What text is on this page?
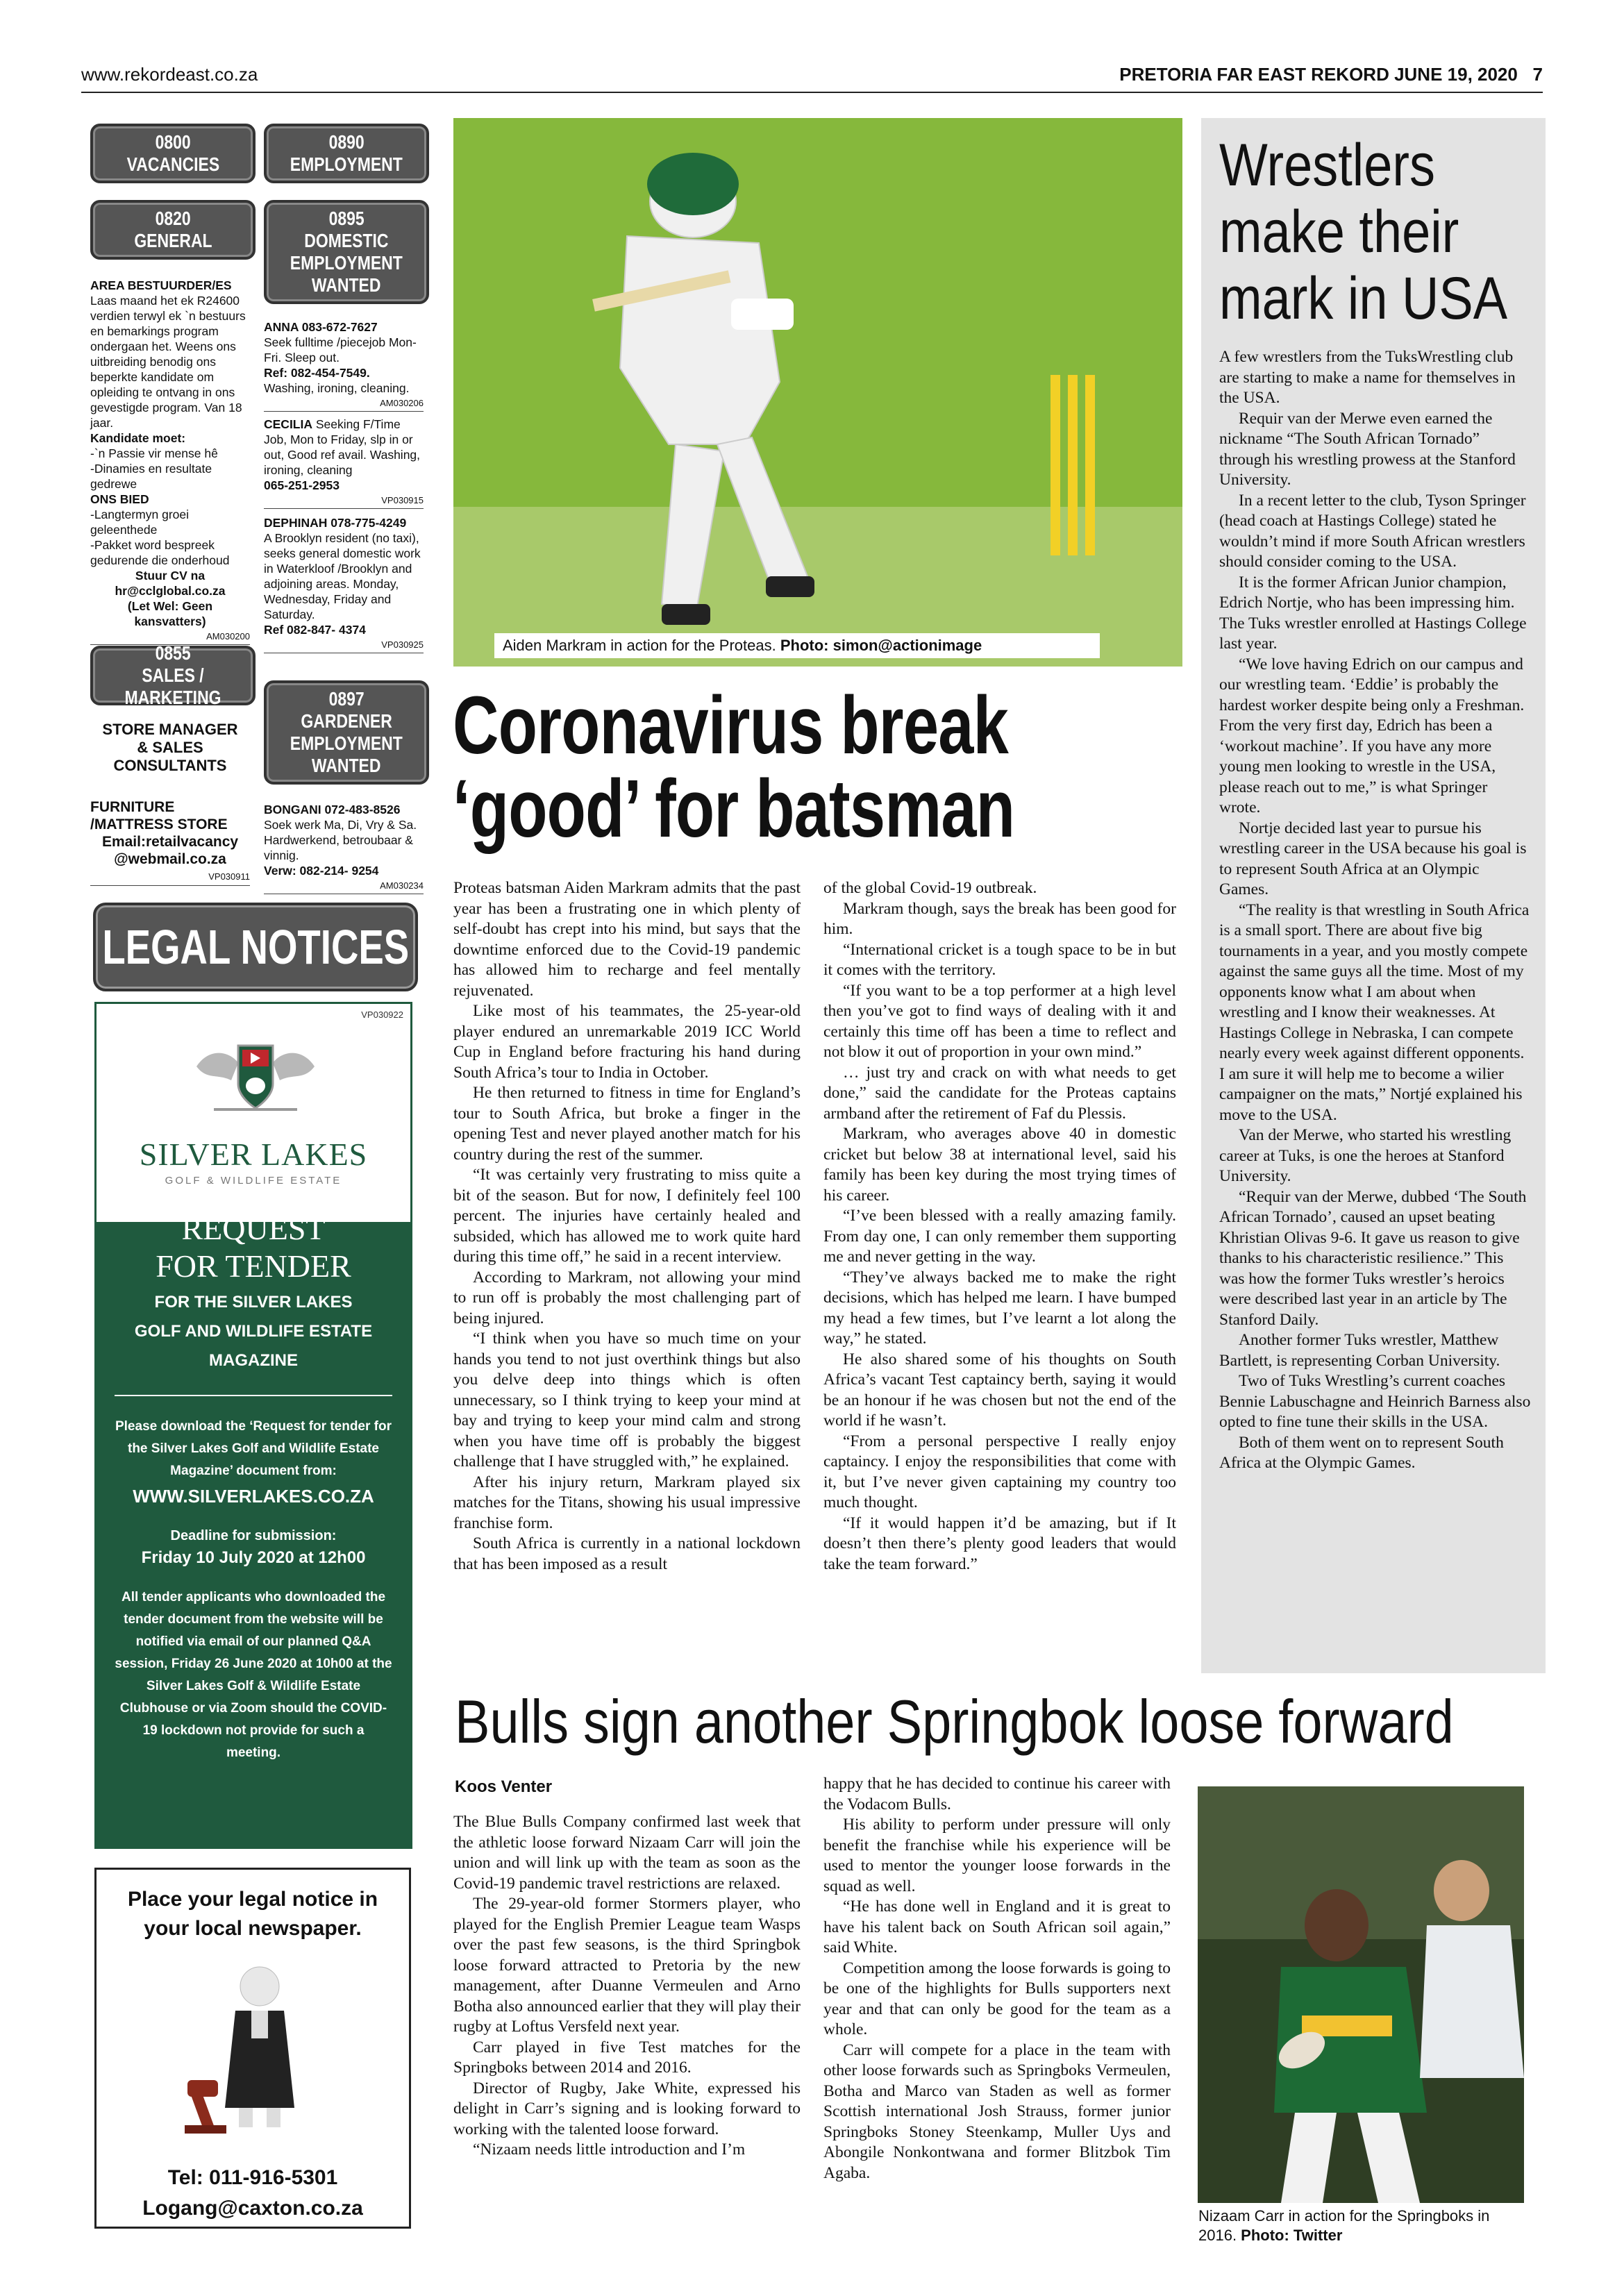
www.rekordeast.co.za	PRETORIA FAR EAST REKORD JUNE 19, 2020 7
0800
VACANCIES
0890
EMPLOYMENT
0820
GENERAL
0895
DOMESTIC
EMPLOYMENT
WANTED
AREA BESTUURDER/ES
Laas maand het ek R24600 verdien terwyl ek `n bestuurs en bemarkings program ondergaan het. Weens ons uitbreiding benodig ons beperkte kandidate om opleiding te ontvang in ons gevestigde program. Van 18 jaar.
Kandidate moet:
-`n Passie vir mense hê
-Dinamies en resultate gedrewe
ONS BIED
-Langtermyn groei geleenthede
-Pakket word bespreek gedurende die onderhoud
Stuur CV na
hr@cclglobal.co.za
(Let Wel: Geen kansvatters)
AM030200
0855
SALES / MARKETING
STORE MANAGER
& SALES
CONSULTANTS
FURNITURE
/MATTRESS STORE
Email:retailvacancy
@webmail.co.za
VP030911
ANNA 083-672-7627
Seek fulltime /piecejob Mon-Fri. Sleep out.
Ref: 082-454-7549.
Washing, ironing, cleaning.
AM030206
CECILIA Seeking F/Time Job, Mon to Friday, slp in or out, Good ref avail. Washing, ironing, cleaning
065-251-2953
VP030915
DEPHINAH 078-775-4249
A Brooklyn resident (no taxi), seeks general domestic work in Waterkloof /Brooklyn and adjoining areas. Monday, Wednesday, Friday and Saturday.
Ref 082-847- 4374
VP030925
0897
GARDENER
EMPLOYMENT
WANTED
BONGANI 072-483-8526
Soek werk Ma, Di, Vry & Sa. Hardwerkend, betroubaar & vinnig.
Verw: 082-214- 9254
AM030234
LEGAL NOTICES
VP030922
SILVER LAKES
GOLF & WILDLIFE ESTATE
REQUEST
FOR TENDER

FOR THE SILVER LAKES

GOLF AND WILDLIFE ESTATE

MAGAZINE

Please download the ‘Request for tender for the Silver Lakes Golf and Wildlife Estate Magazine’ document from:

WWW.SILVERLAKES.CO.ZA

Deadline for submission:

Friday 10 July 2020 at 12h00

All tender applicants who downloaded the tender document from the website will be notified via email of our planned Q&A session, Friday 26 June 2020 at 10h00 at the Silver Lakes Golf & Wildlife Estate Clubhouse or via Zoom should the COVID-19 lockdown not provide for such a meeting.

Place your legal notice in
your local newspaper.
Tel: 011-916-5301
Logang@caxton.co.za
Aiden Markram in action for the Proteas. Photo: simon@actionimage
Coronavirus break
‘good’ for batsman

Proteas batsman Aiden Markram admits that the past year has been a frustrating one in which plenty of self-doubt has crept into his mind, but says that the downtime enforced due to the Covid-19 pandemic has allowed him to recharge and feel mentally rejuvenated.

Like most of his teammates, the 25-year-old player endured an unremarkable 2019 ICC World Cup in England before fracturing his hand during South Africa’s tour to India in October.

He then returned to fitness in time for England’s tour to South Africa, but broke a finger in the opening Test and never played another match for his country during the rest of the summer.

“It was certainly very frustrating to miss quite a bit of the season. But for now, I definitely feel 100 percent. The injuries have certainly healed and subsided, which has allowed me to work quite hard during this time off,” he said in a recent interview.

According to Markram, not allowing your mind to run off is probably the most challenging part of being injured.

“I think when you have so much time on your hands you tend to not just overthink things but also you delve deep into things which is often unnecessary, so I think trying to keep your mind at bay and trying to keep your mind calm and strong when you have time off is probably the biggest challenge that I have struggled with,” he explained.

After his injury return, Markram played six matches for the Titans, showing his usual impressive franchise form.

South Africa is currently in a national lockdown that has been imposed as a result

of the global Covid-19 outbreak.

Markram though, says the break has been good for him.

“International cricket is a tough space to be in but it comes with the territory.

“If you want to be a top performer at a high level then you’ve got to find ways of dealing with it and certainly this time off has been a time to reflect and not blow it out of proportion in your own mind.”

… just try and crack on with what needs to get done,” said the candidate for the Proteas captains armband after the retirement of Faf du Plessis.

Markram, who averages above 40 in domestic cricket but below 38 at international level, said his family has been key during the most trying times of his career.

“I’ve been blessed with a really amazing family. From day one, I can only remember them supporting me and never getting in the way.

“They’ve always backed me to make the right decisions, which has helped me learn. I have bumped my head a few times, but I’ve learnt a lot along the way,” he stated.

He also shared some of his thoughts on South Africa’s vacant Test captaincy berth, saying it would be an honour if he was chosen but not the end of the world if he wasn’t.

“From a personal perspective I really enjoy captaincy. I enjoy the responsibilities that come with it, but I’ve never given captaining my country too much thought.

“If it would happen it’d be amazing, but if It doesn’t then there’s plenty good leaders that would take the team forward.”

Wrestlers
make their
mark in USA

A few wrestlers from the TuksWrestling club are starting to make a name for themselves in the USA.

Requir van der Merwe even earned the nickname “The South African Tornado” through his wrestling prowess at the Stanford University.

In a recent letter to the club, Tyson Springer (head coach at Hastings College) stated he wouldn’t mind if more South African wrestlers should consider coming to the USA.

It is the former African Junior champion, Edrich Nortje, who has been impressing him. The Tuks wrestler enrolled at Hastings College last year.

“We love having Edrich on our campus and our wrestling team. ‘Eddie’ is probably the hardest worker despite being only a Freshman. From the very first day, Edrich has been a ‘workout machine’. If you have any more young men looking to wrestle in the USA, please reach out to me,” is what Springer wrote.

Nortje decided last year to pursue his wrestling career in the USA because his goal is to represent South Africa at an Olympic Games.

“The reality is that wrestling in South Africa is a small sport. There are about five big tournaments in a year, and you mostly compete against the same guys all the time. Most of my opponents know what I am about when wrestling and I know their weaknesses. At Hastings College in Nebraska, I can compete nearly every week against different opponents. I am sure it will help me to become a wilier campaigner on the mats,” Nortjé explained his move to the USA.

Van der Merwe, who started his wrestling career at Tuks, is one the heroes at Stanford University.

“Requir van der Merwe, dubbed ‘The South African Tornado’, caused an upset beating Khristian Olivas 9-6. It gave us reason to give thanks to his characteristic resilience.” This was how the former Tuks wrestler’s heroics were described last year in an article by The Stanford Daily.

Another former Tuks wrestler, Matthew Bartlett, is representing Corban University.

Two of Tuks Wrestling’s current coaches Bennie Labuschagne and Heinrich Barness also opted to fine tune their skills in the USA.

Both of them went on to represent South Africa at the Olympic Games.

Bulls sign another Springbok loose forward
Koos Venter

The Blue Bulls Company confirmed last week that the athletic loose forward Nizaam Carr will join the union and will link up with the team as soon as the Covid-19 pandemic travel restrictions are relaxed.

The 29-year-old former Stormers player, who played for the English Premier League team Wasps over the past few seasons, is the third Springbok loose forward attracted to Pretoria by the new management, after Duanne Vermeulen and Arno Botha also announced earlier that they will play their rugby at Loftus Versfeld next year.

Carr played in five Test matches for the Springboks between 2014 and 2016.

Director of Rugby, Jake White, expressed his delight in Carr’s signing and is looking forward to working with the talented loose forward.

“Nizaam needs little introduction and I’m

happy that he has decided to continue his career with the Vodacom Bulls.

His ability to perform under pressure will only benefit the franchise while his experience will be used to mentor the younger loose forwards in the squad as well.

“He has done well in England and it is great to have his talent back on South African soil again,” said White.

Competition among the loose forwards is going to be one of the highlights for Bulls supporters next year and that can only be good for the team as a whole.

Carr will compete for a place in the team with other loose forwards such as Springboks Vermeulen, Botha and Marco van Staden as well as former Scottish international Josh Strauss, former junior Springboks Stoney Steenkamp, Muller Uys and Abongile Nonkontwana and former Blitzbok Tim Agaba.

Nizaam Carr in action for the Springboks in 2016. Photo: Twitter
